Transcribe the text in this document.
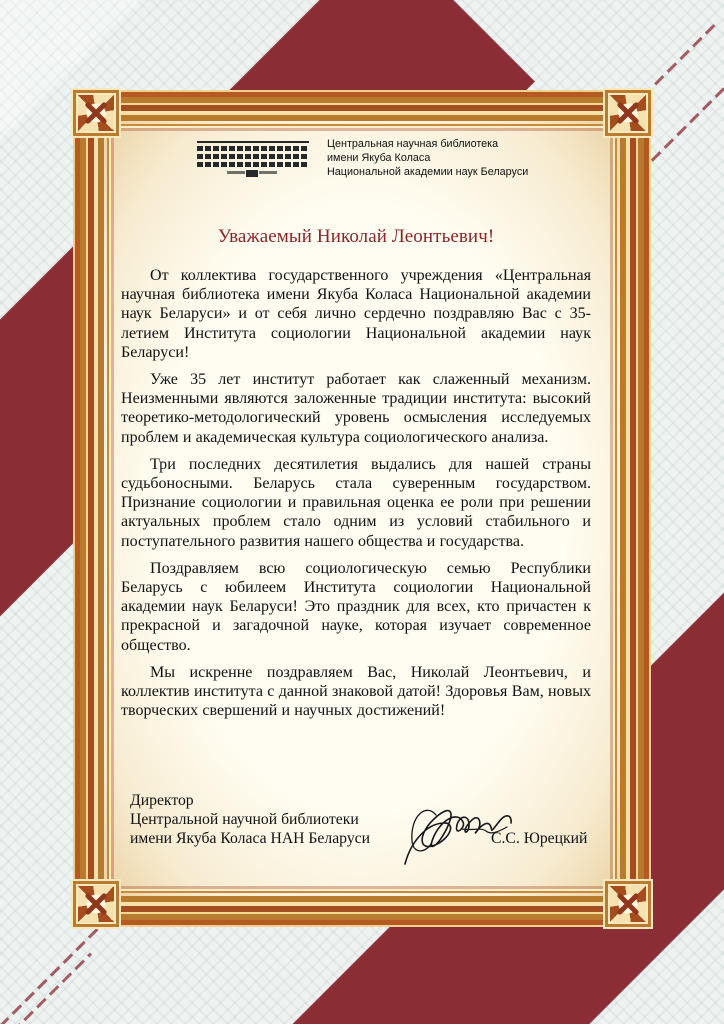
Центральная научная библиотека
имени Якуба Коласа
Национальной академии наук Беларуси
Уважаемый Николай Леонтьевич!

От коллектива государственного учреждения «Центральная научная библиотека имени Якуба Коласа Национальной академии наук Беларуси» и от себя лично сердечно поздравляю Вас с 35-летием Института социологии Национальной академии наук Беларуси!

Уже 35 лет институт работает как слаженный механизм. Неизменными являются заложенные традиции института: высокий теоретико-методологический уровень осмысления исследуемых проблем и академическая культура социологического анализа.

Три последних десятилетия выдались для нашей страны судьбоносными. Беларусь стала суверенным государством. Признание социологии и правильная оценка ее роли при решении актуальных проблем стало одним из условий стабильного и поступательного развития нашего общества и государства.

Поздравляем всю социологическую семью Республики Беларусь с юбилеем Института социологии Национальной академии наук Беларуси! Это праздник для всех, кто причастен к прекрасной и загадочной науке, которая изучает современное общество.

Мы искренне поздравляем Вас, Николай Леонтьевич, и коллектив института с данной знаковой датой! Здоровья Вам, новых творческих свершений и научных достижений!

Директор
Центральной научной библиотеки
имени Якуба Коласа НАН Беларуси	С.С. Юрецкий
